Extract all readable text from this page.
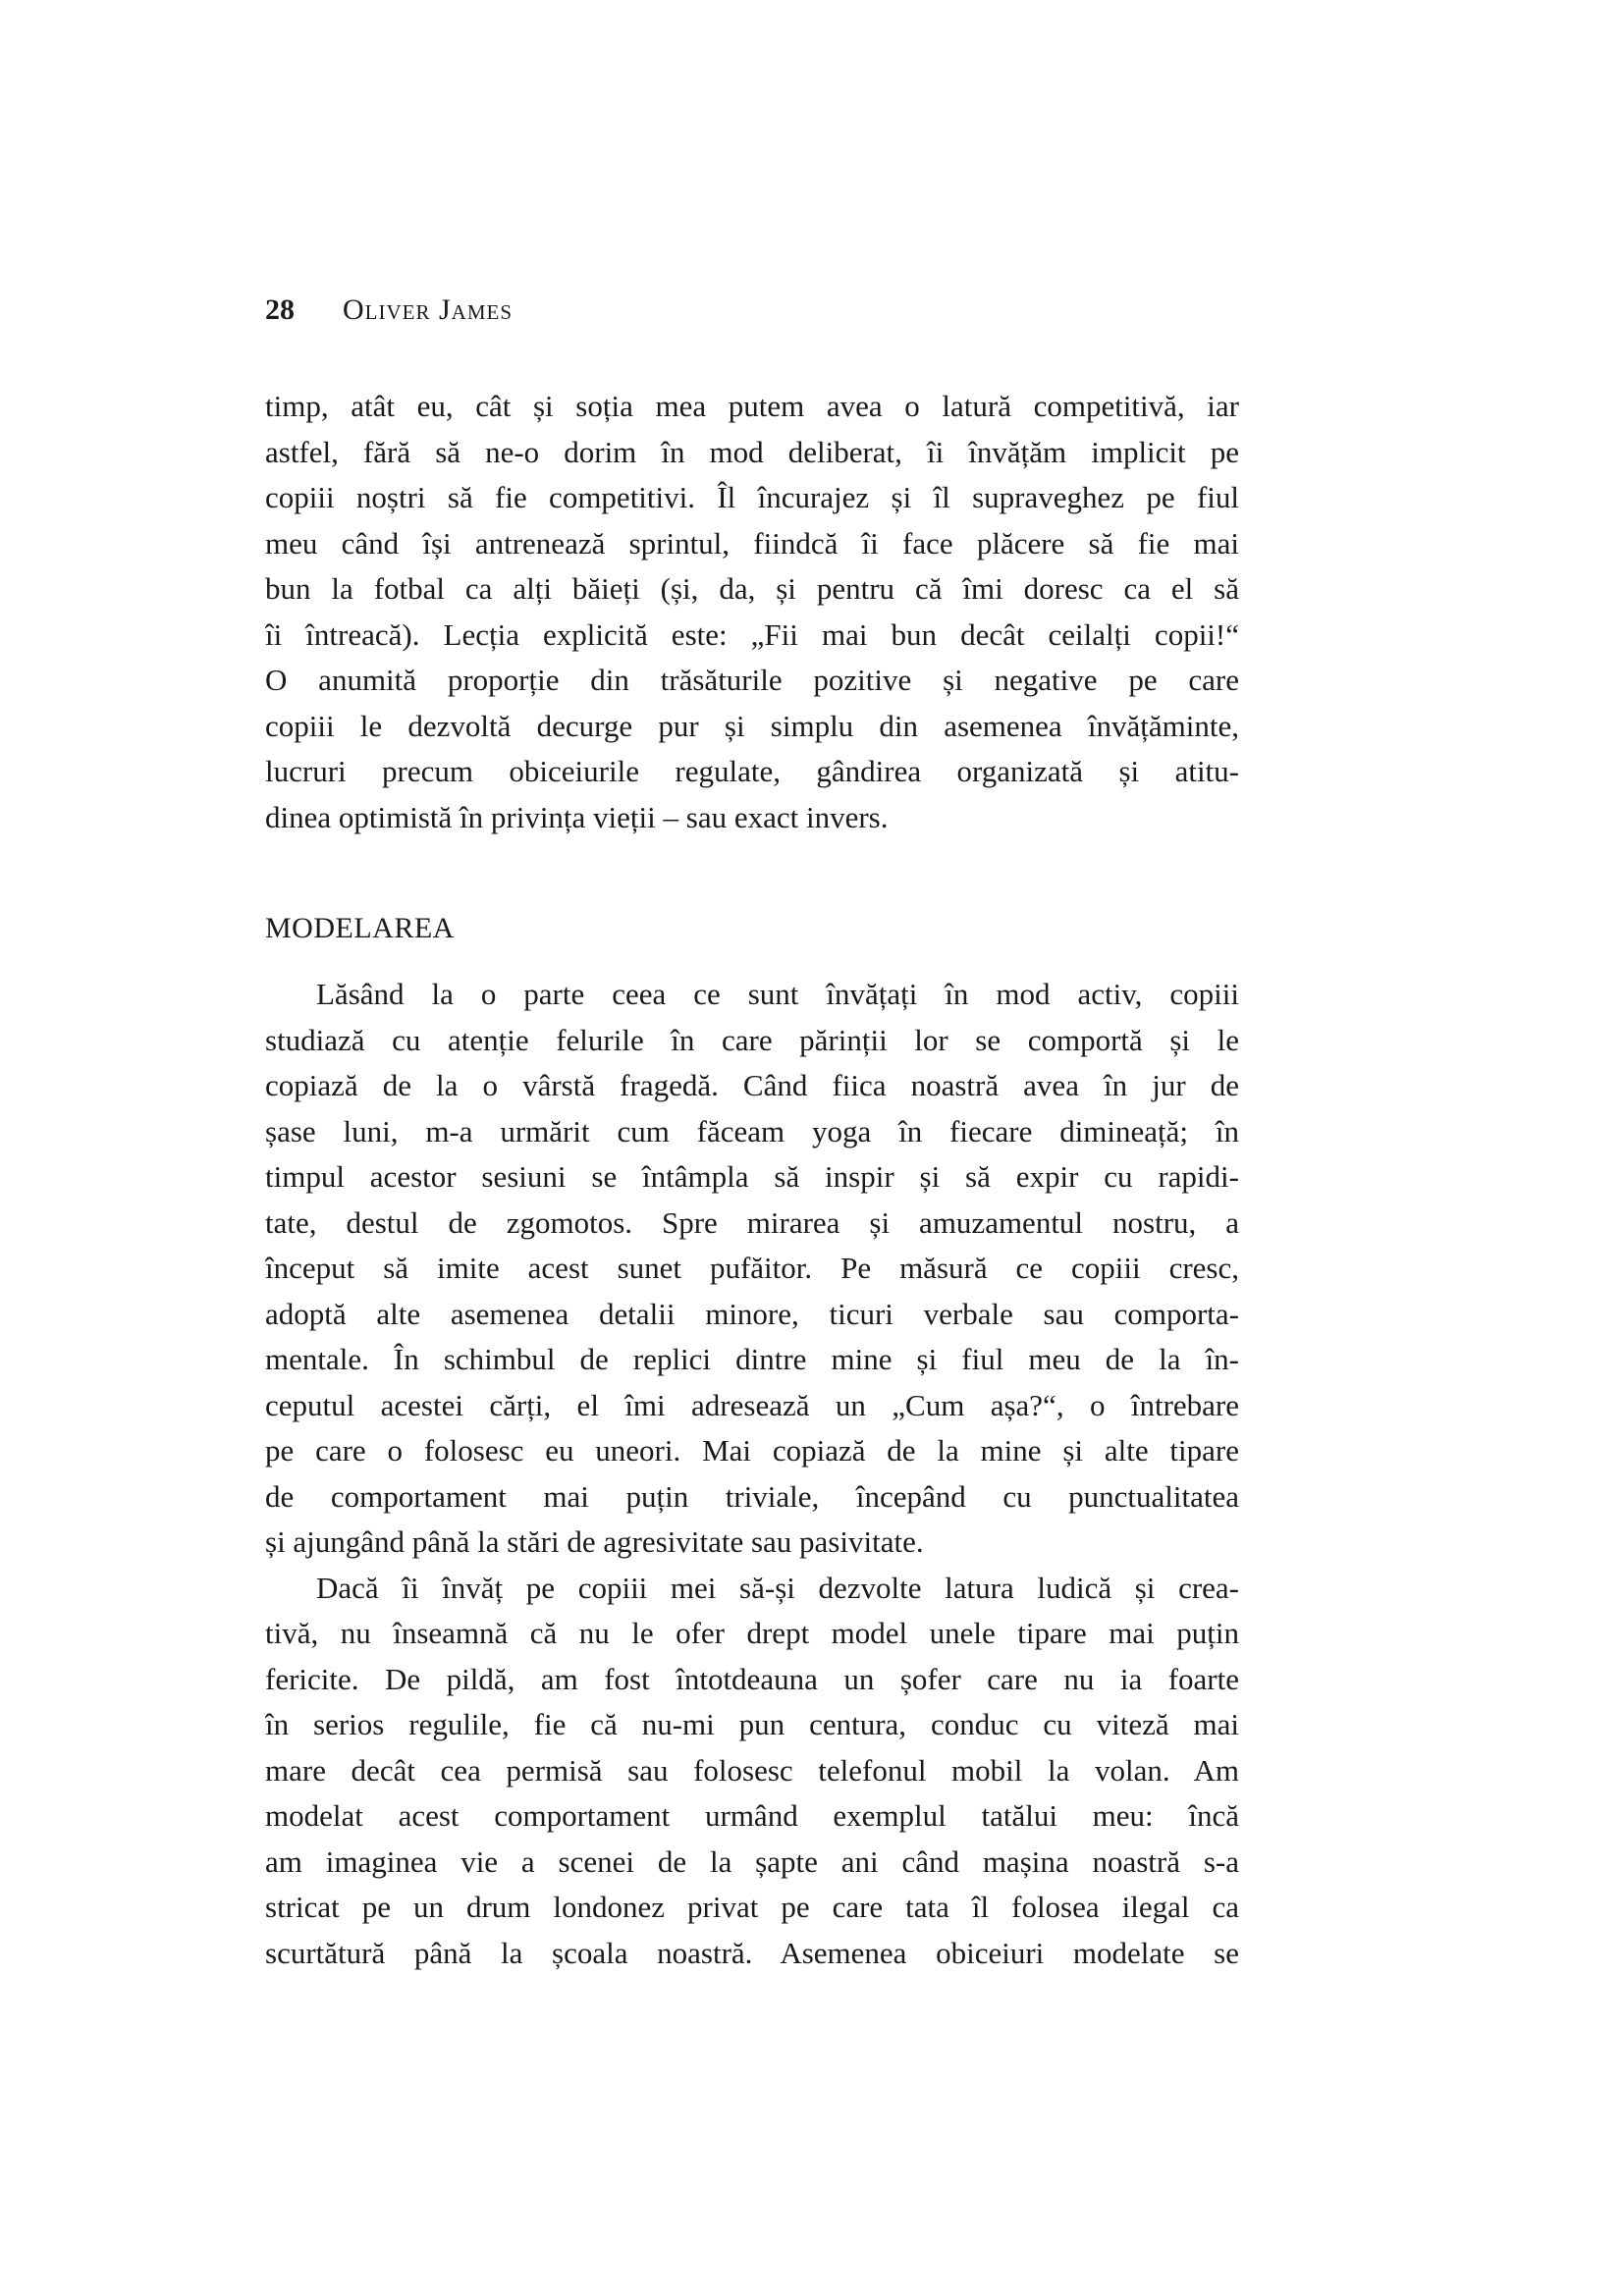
28 Oliver James
timp, atât eu, cât și soția mea putem avea o latură competitivă, iar
astfel, fără să ne-o dorim în mod deliberat, îi învățăm implicit pe
copiii noștri să fie competitivi. Îl încurajez și îl supraveghez pe fiul
meu când își antrenează sprintul, fiindcă îi face plăcere să fie mai
bun la fotbal ca alți băieți (și, da, și pentru că îmi doresc ca el să
îi întreacă). Lecția explicită este: „Fii mai bun decât ceilalți copii!“
O anumită proporție din trăsăturile pozitive și negative pe care
copiii le dezvoltă decurge pur și simplu din asemenea învățăminte,
lucruri precum obiceiurile regulate, gândirea organizată și atitu-
dinea optimistă în privința vieții – sau exact invers.
MODELAREA
Lăsând la o parte ceea ce sunt învățați în mod activ, copiii
studiază cu atenție felurile în care părinții lor se comportă și le
copiază de la o vârstă fragedă. Când fiica noastră avea în jur de
șase luni, m-a urmărit cum făceam yoga în fiecare dimineață; în
timpul acestor sesiuni se întâmpla să inspir și să expir cu rapidi-
tate, destul de zgomotos. Spre mirarea și amuzamentul nostru, a
început să imite acest sunet pufăitor. Pe măsură ce copiii cresc,
adoptă alte asemenea detalii minore, ticuri verbale sau comporta-
mentale. În schimbul de replici dintre mine și fiul meu de la în-
ceputul acestei cărți, el îmi adresează un „Cum așa?“, o întrebare
pe care o folosesc eu uneori. Mai copiază de la mine și alte tipare
de comportament mai puțin triviale, începând cu punctualitatea
și ajungând până la stări de agresivitate sau pasivitate.
Dacă îi învăț pe copiii mei să-și dezvolte latura ludică și crea-
tivă, nu înseamnă că nu le ofer drept model unele tipare mai puțin
fericite. De pildă, am fost întotdeauna un șofer care nu ia foarte
în serios regulile, fie că nu-mi pun centura, conduc cu viteză mai
mare decât cea permisă sau folosesc telefonul mobil la volan. Am
modelat acest comportament urmând exemplul tatălui meu: încă
am imaginea vie a scenei de la șapte ani când mașina noastră s-a
stricat pe un drum londonez privat pe care tata îl folosea ilegal ca
scurtătură până la școala noastră. Asemenea obiceiuri modelate se
